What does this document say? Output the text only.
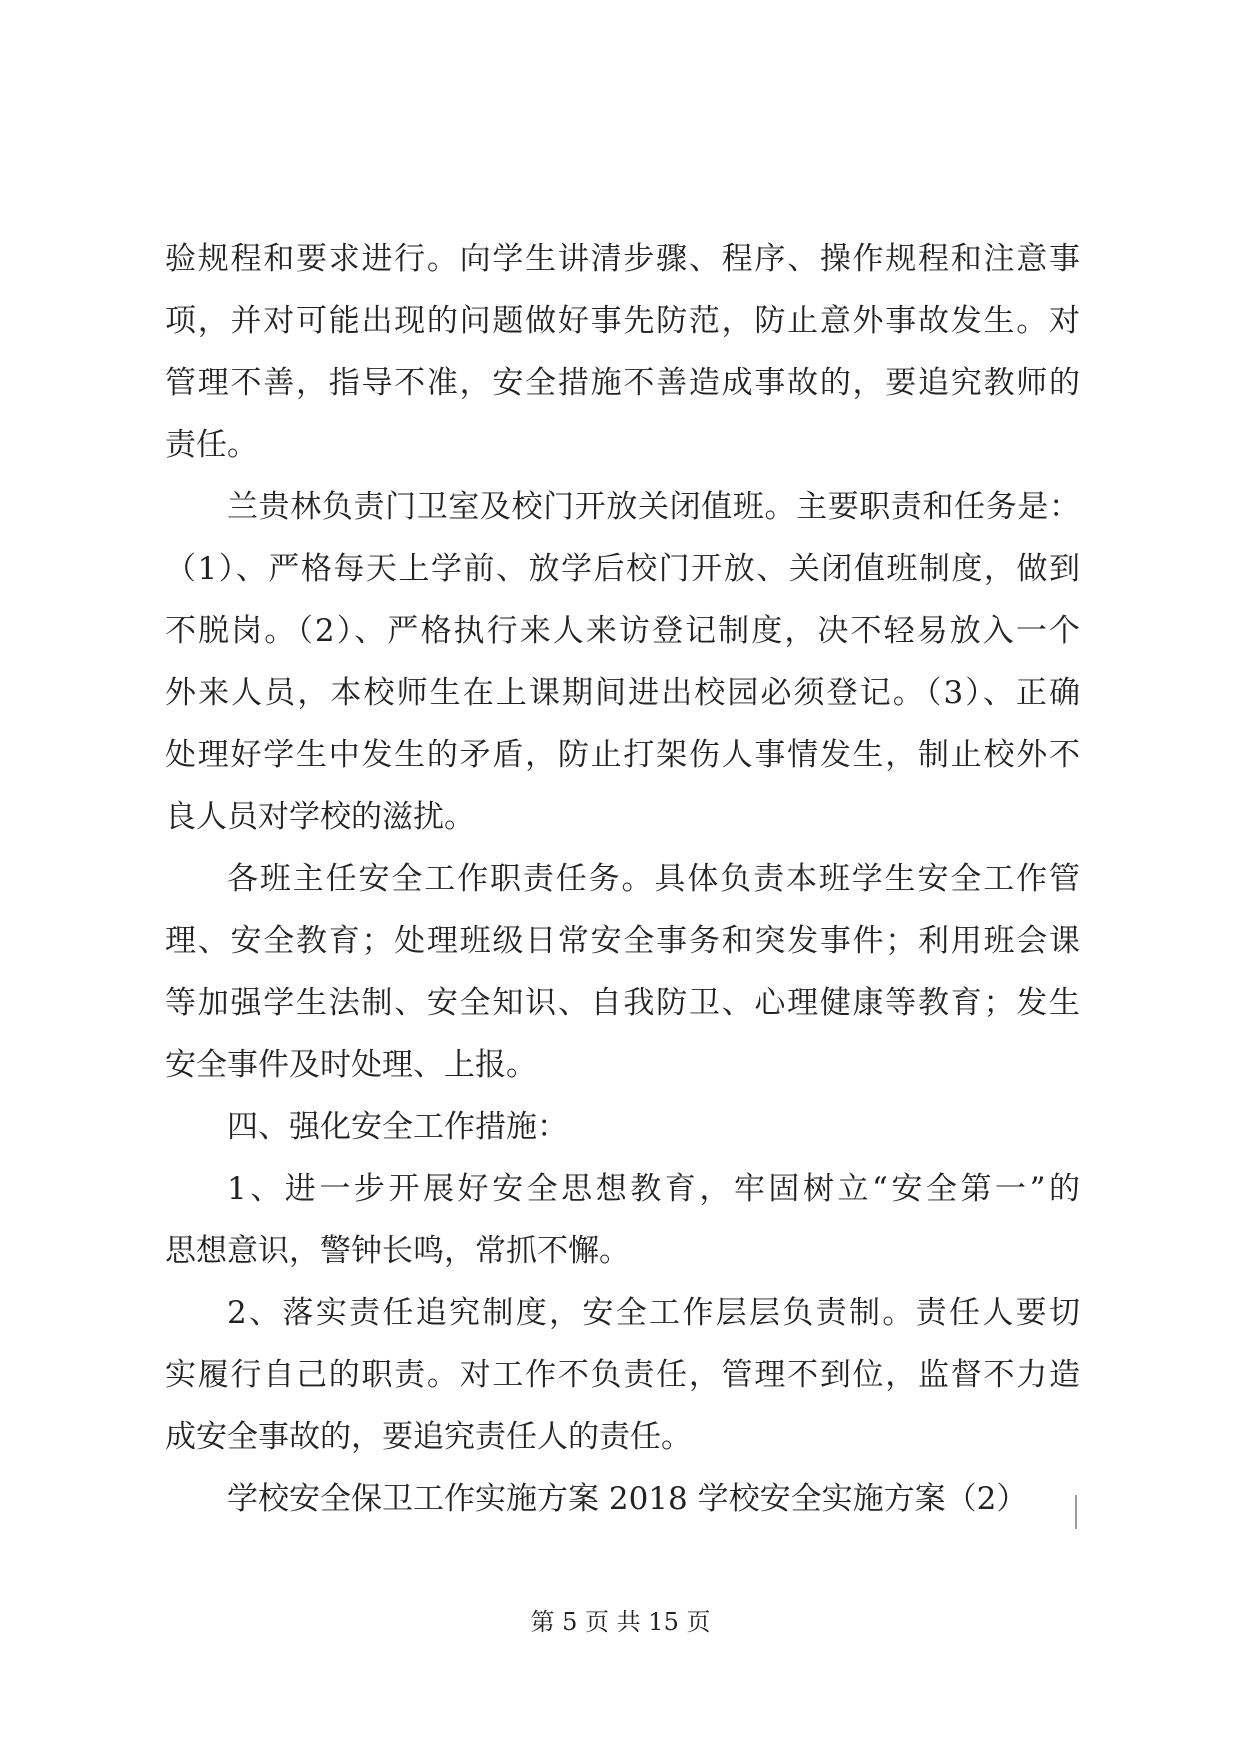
验规程和要求进行。向学生讲清步骤、程序、操作规程和注意事
项，并对可能出现的问题做好事先防范，防止意外事故发生。对
管理不善，指导不准，安全措施不善造成事故的，要追究教师的
责任。
兰贵林负责门卫室及校门开放关闭值班。主要职责和任务是：
（1）、严格每天上学前、放学后校门开放、关闭值班制度，做到
不脱岗。（2）、严格执行来人来访登记制度，决不轻易放入一个
外来人员，本校师生在上课期间进出校园必须登记。（3）、正确
处理好学生中发生的矛盾，防止打架伤人事情发生，制止校外不
良人员对学校的滋扰。
各班主任安全工作职责任务。具体负责本班学生安全工作管
理、安全教育；处理班级日常安全事务和突发事件；利用班会课
等加强学生法制、安全知识、自我防卫、心理健康等教育；发生
安全事件及时处理、上报。
四、强化安全工作措施：
1、进一步开展好安全思想教育，牢固树立“安全第一”的
思想意识，警钟长鸣，常抓不懈。
2、落实责任追究制度，安全工作层层负责制。责任人要切
实履行自己的职责。对工作不负责任，管理不到位，监督不力造
成安全事故的，要追究责任人的责任。
学校安全保卫工作实施方案 2018 学校安全实施方案（2）
第 5 页 共 15 页
